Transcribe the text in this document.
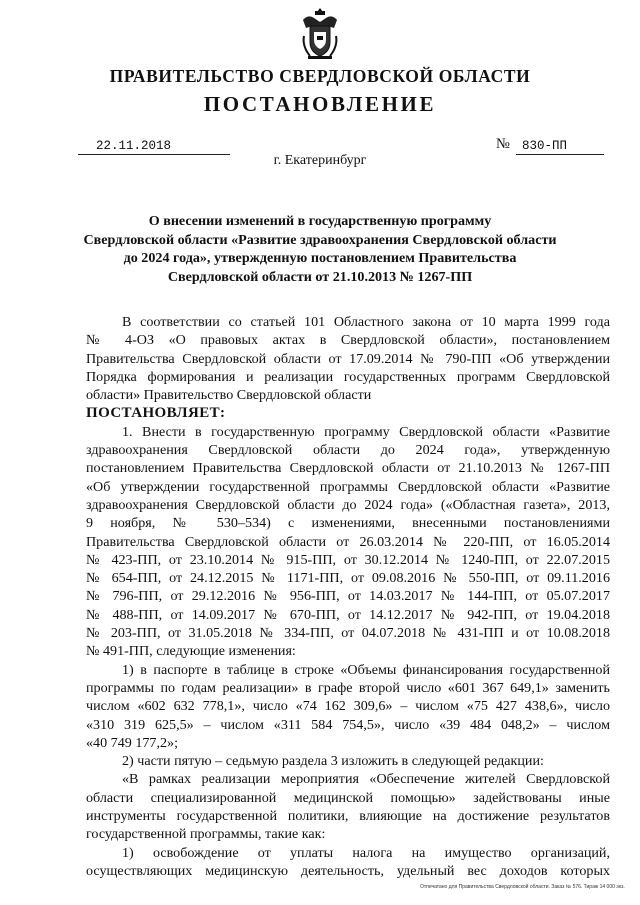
ПРАВИТЕЛЬСТВО СВЕРДЛОВСКОЙ ОБЛАСТИ
ПОСТАНОВЛЕНИЕ
22.11.2018	№ 830-ПП
г. Екатеринбург
О внесении изменений в государственную программу
Свердловской области «Развитие здравоохранения Свердловской области
до 2024 года», утвержденную постановлением Правительства
Свердловской области от 21.10.2013 № 1267-ПП
В соответствии со статьей 101 Областного закона от 10 марта 1999 года
№ 4-ОЗ «О правовых актах в Свердловской области», постановлением
Правительства Свердловской области от 17.09.2014 № 790-ПП «Об утверждении
Порядка формирования и реализации государственных программ Свердловской
области» Правительство Свердловской области
ПОСТАНОВЛЯЕТ:
1. Внести в государственную программу Свердловской области «Развитие
здравоохранения Свердловской области до 2024 года», утвержденную
постановлением Правительства Свердловской области от 21.10.2013 № 1267-ПП
«Об утверждении государственной программы Свердловской области «Развитие
здравоохранения Свердловской области до 2024 года» («Областная газета», 2013,
9 ноября, № 530–534) с изменениями, внесенными постановлениями
Правительства Свердловской области от 26.03.2014 № 220-ПП, от 16.05.2014
№ 423-ПП, от 23.10.2014 № 915-ПП, от 30.12.2014 № 1240-ПП, от 22.07.2015
№ 654-ПП, от 24.12.2015 № 1171-ПП, от 09.08.2016 № 550-ПП, от 09.11.2016
№ 796-ПП, от 29.12.2016 № 956-ПП, от 14.03.2017 № 144-ПП, от 05.07.2017
№ 488-ПП, от 14.09.2017 № 670-ПП, от 14.12.2017 № 942-ПП, от 19.04.2018
№ 203-ПП, от 31.05.2018 № 334-ПП, от 04.07.2018 № 431-ПП и от 10.08.2018
№ 491-ПП, следующие изменения:
1) в паспорте в таблице в строке «Объемы финансирования государственной
программы по годам реализации» в графе второй число «601 367 649,1» заменить
числом «602 632 778,1», число «74 162 309,6» – числом «75 427 438,6», число
«310 319 625,5» – числом «311 584 754,5», число «39 484 048,2» – числом
«40 749 177,2»;
2) части пятую – седьмую раздела 3 изложить в следующей редакции:
«В рамках реализации мероприятия «Обеспечение жителей Свердловской
области специализированной медицинской помощью» задействованы иные
инструменты государственной политики, влияющие на достижение результатов
государственной программы, такие как:
1) освобождение от уплаты налога на имущество организаций,
осуществляющих медицинскую деятельность, удельный вес доходов которых
Отпечатано для Правительства Свердловской области. Заказ № 576. Тираж 14 000 экз.
